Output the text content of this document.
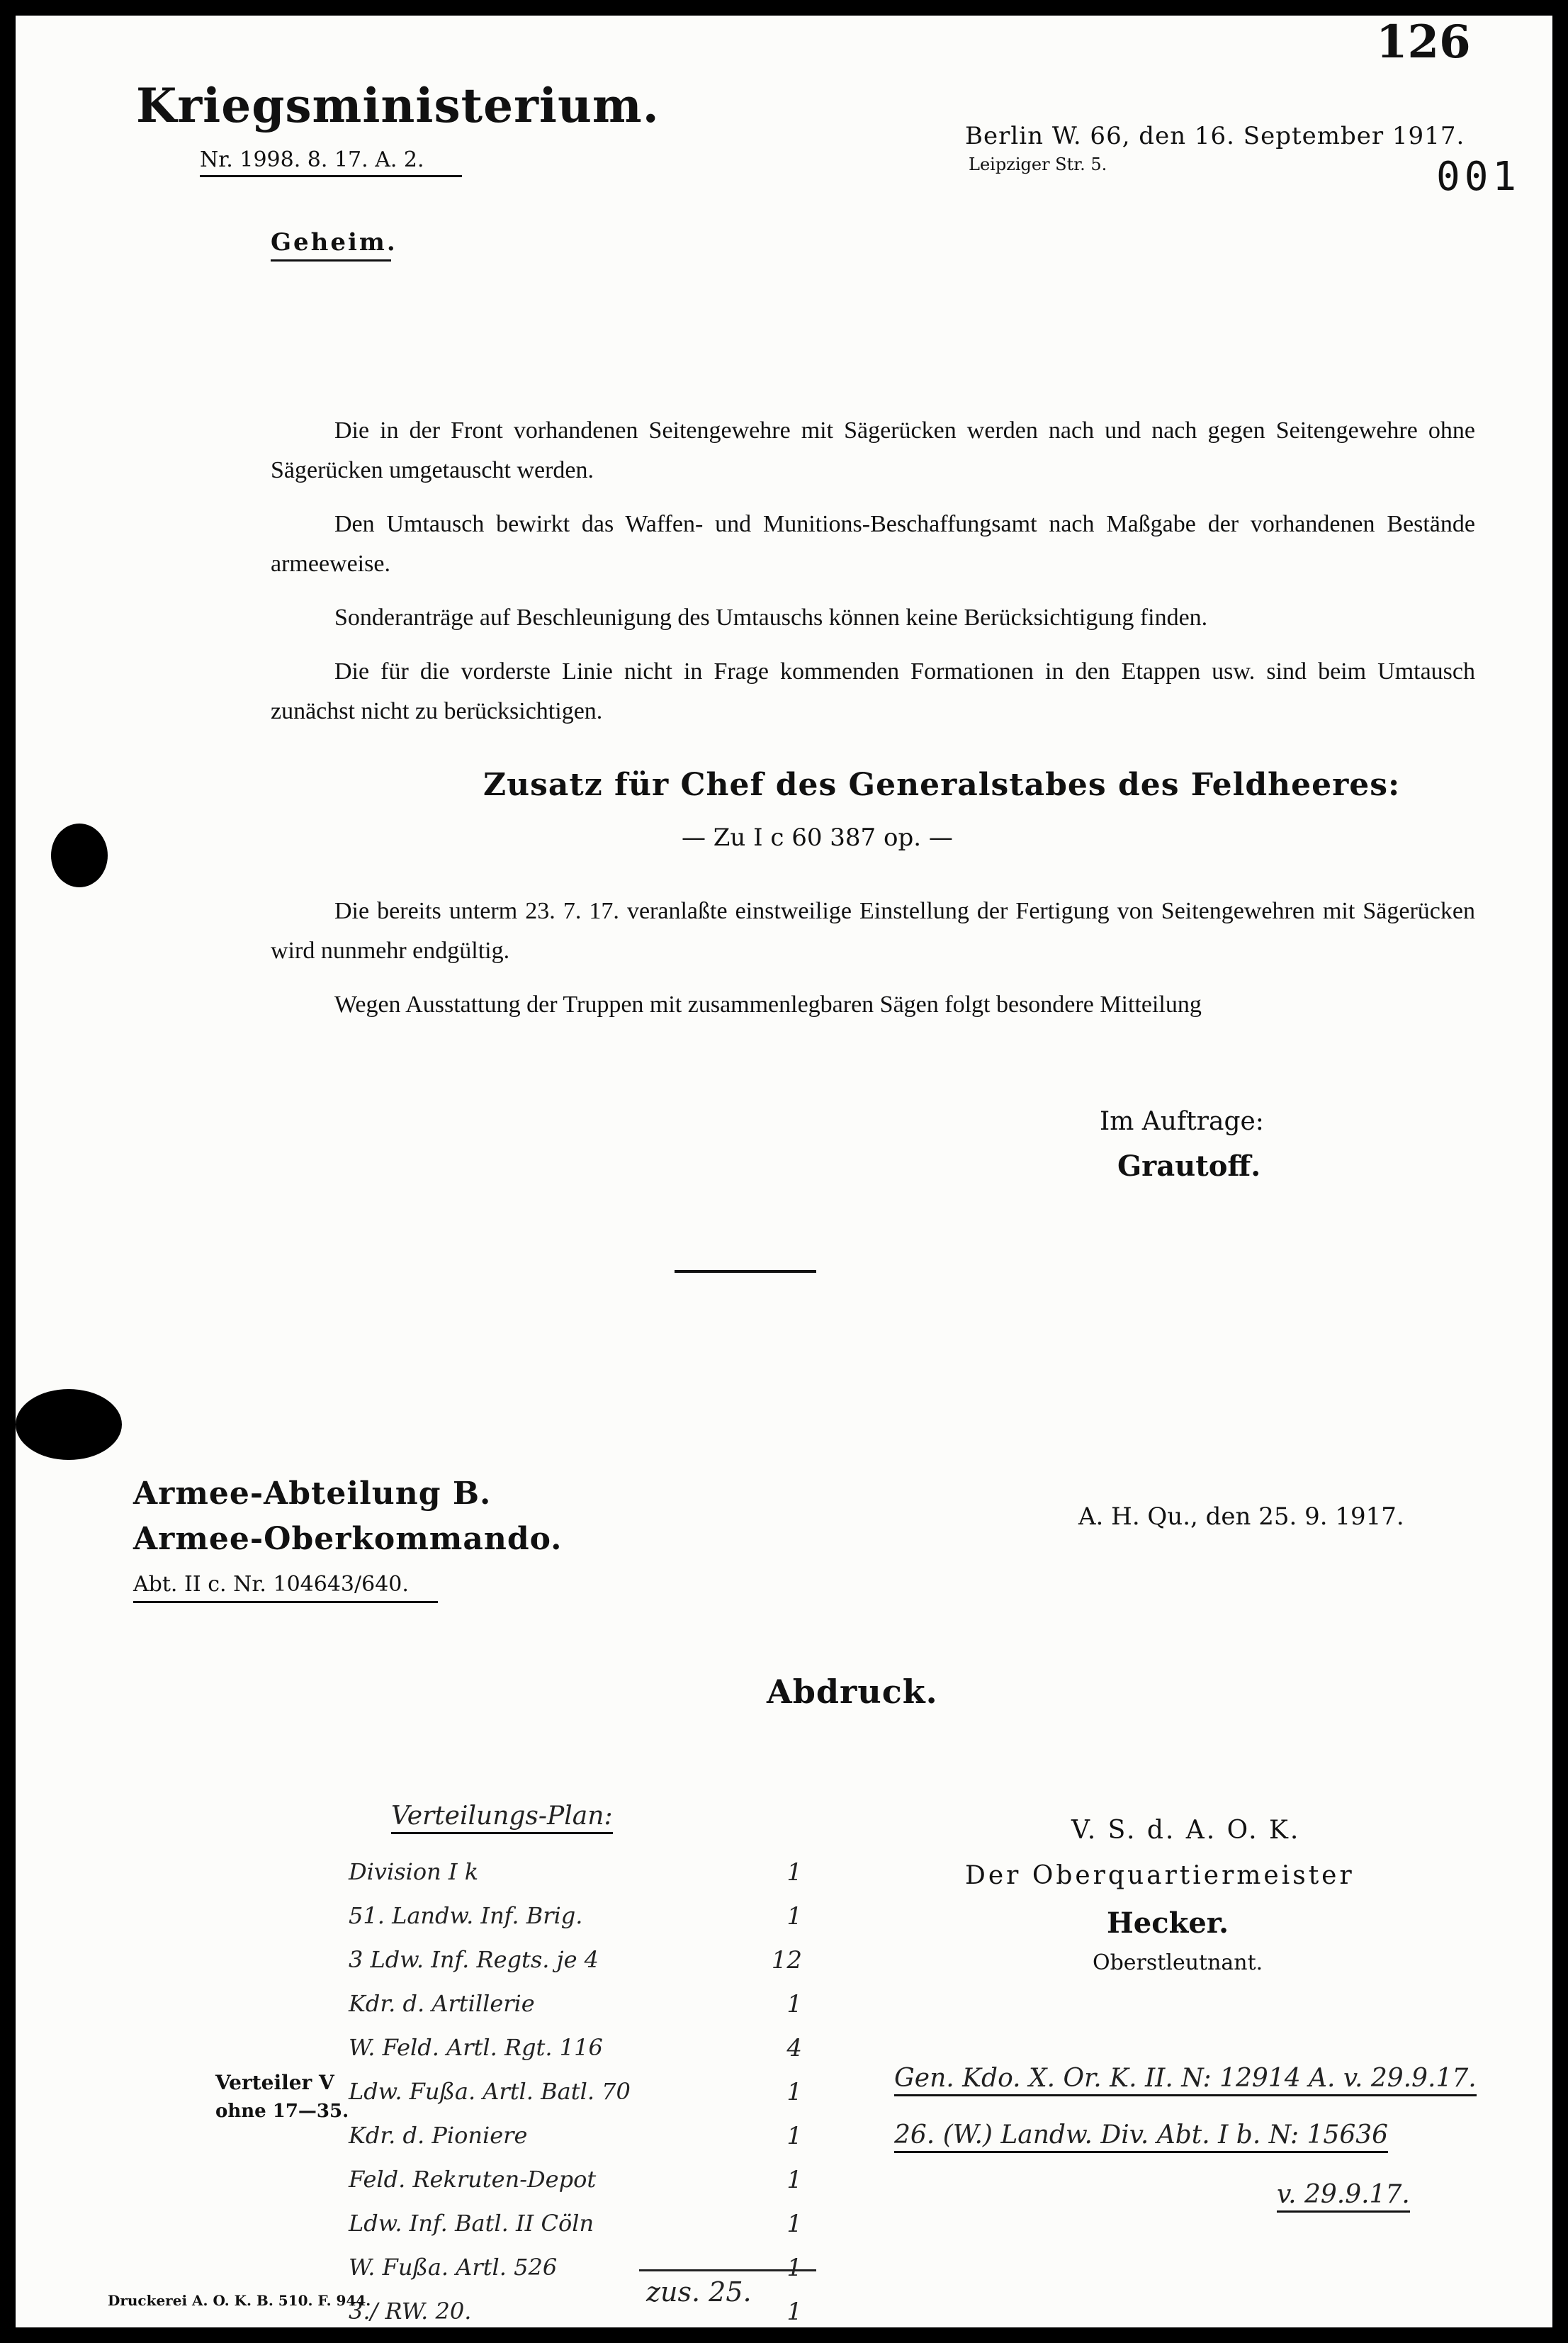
126
001
Kriegsministerium.
Nr. 1998. 8. 17. A. 2.
Berlin W. 66, den 16. September 1917.
Leipziger Str. 5.
Geheim.
Die in der Front vorhandenen Seitengewehre mit Sägerücken werden nach und nach gegen Seitengewehre ohne Sägerücken umgetauscht werden.
Den Umtausch bewirkt das Waffen- und Munitions-Beschaffungsamt nach Maßgabe der vorhandenen Bestände armeeweise.
Sonderanträge auf Beschleunigung des Umtauschs können keine Berücksichtigung finden.
Die für die vorderste Linie nicht in Frage kommenden Formationen in den Etappen usw. sind beim Umtausch zunächst nicht zu berücksichtigen.
Zusatz für Chef des Generalstabes des Feldheeres:
— Zu I c 60 387 op. —
Die bereits unterm 23. 7. 17. veranlaßte einstweilige Einstellung der Fertigung von Seitengewehren mit Sägerücken wird nunmehr endgültig.
Wegen Ausstattung der Truppen mit zusammenlegbaren Sägen folgt besondere Mitteilung
Im Auftrage:
Grautoff.
Armee-Abteilung B.
Armee-Oberkommando.
Abt. II c. Nr. 104643/640.
A. H. Qu., den 25. 9. 1917.
Abdruck.
Verteilungs-Plan:
Division I k	1
51. Landw. Inf. Brig.	1
3 Ldw. Inf. Regts. je 4	12
Kdr. d. Artillerie	1
W. Feld. Artl. Rgt. 116	4
Ldw. Fußa. Artl. Batl. 70	1
Kdr. d. Pioniere	1
Feld. Rekruten-Depot	1
Ldw. Inf. Batl. II Cöln	1
W. Fußa. Artl. 526	1
3./ RW. 20.	1
Verteiler V
ohne 17—35.
zus. 25.
V. S. d. A. O. K.
Der Oberquartiermeister
Hecker.
Oberstleutnant.
Gen. Kdo. X. Or. K. II. N: 12914 A. v. 29.9.17.
26. (W.) Landw. Div. Abt. I b. N: 15636
v. 29.9.17.
Druckerei A. O. K. B. 510. F. 944.
